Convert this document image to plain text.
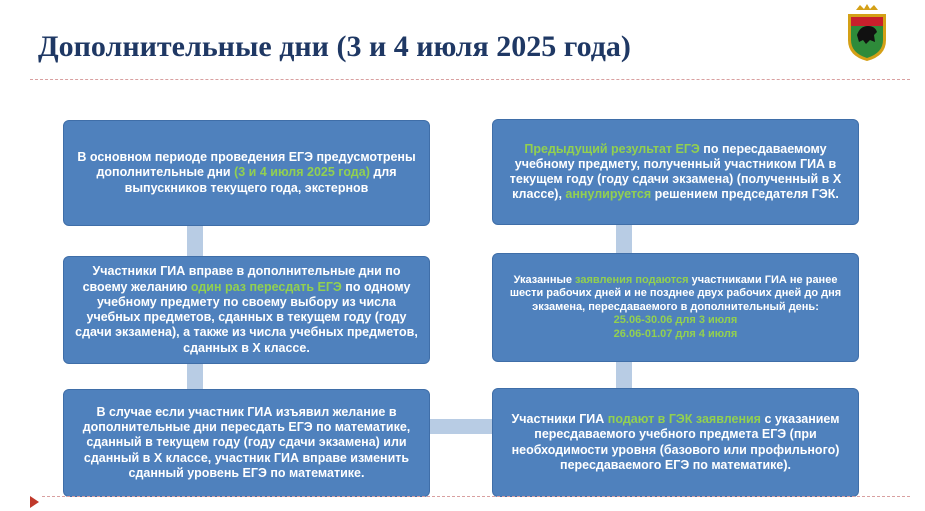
Дополнительные дни (3 и 4 июля 2025 года)

В основном периоде проведения ЕГЭ предусмотрены дополнительные дни (3 и 4 июля 2025 года) для выпускников текущего года, экстернов

Участники ГИА вправе в дополнительные дни по своему желанию один раз пересдать ЕГЭ по одному учебному предмету по своему выбору из числа учебных предметов, сданных в текущем году (году сдачи экзамена), а также из числа учебных предметов, сданных в Х классе.

В случае если участник ГИА изъявил желание в дополнительные дни пересдать ЕГЭ по математике, сданный в текущем году (году сдачи экзамена) или сданный в Х классе, участник ГИА вправе изменить сданный уровень ЕГЭ по математике.

Предыдущий результат ЕГЭ по пересдаваемому учебному предмету, полученный участником ГИА в текущем году (году сдачи экзамена) (полученный в Х классе), аннулируется решением председателя ГЭК.

Указанные заявления подаются участниками ГИА не ранее шести рабочих дней и не позднее двух рабочих дней до дня экзамена, пересдаваемого в дополнительный день:
25.06-30.06 для 3 июля
26.06-01.07 для 4 июля

Участники ГИА подают в ГЭК заявления с указанием пересдаваемого учебного предмета ЕГЭ (при необходимости уровня (базового или профильного) пересдаваемого ЕГЭ по математике).
